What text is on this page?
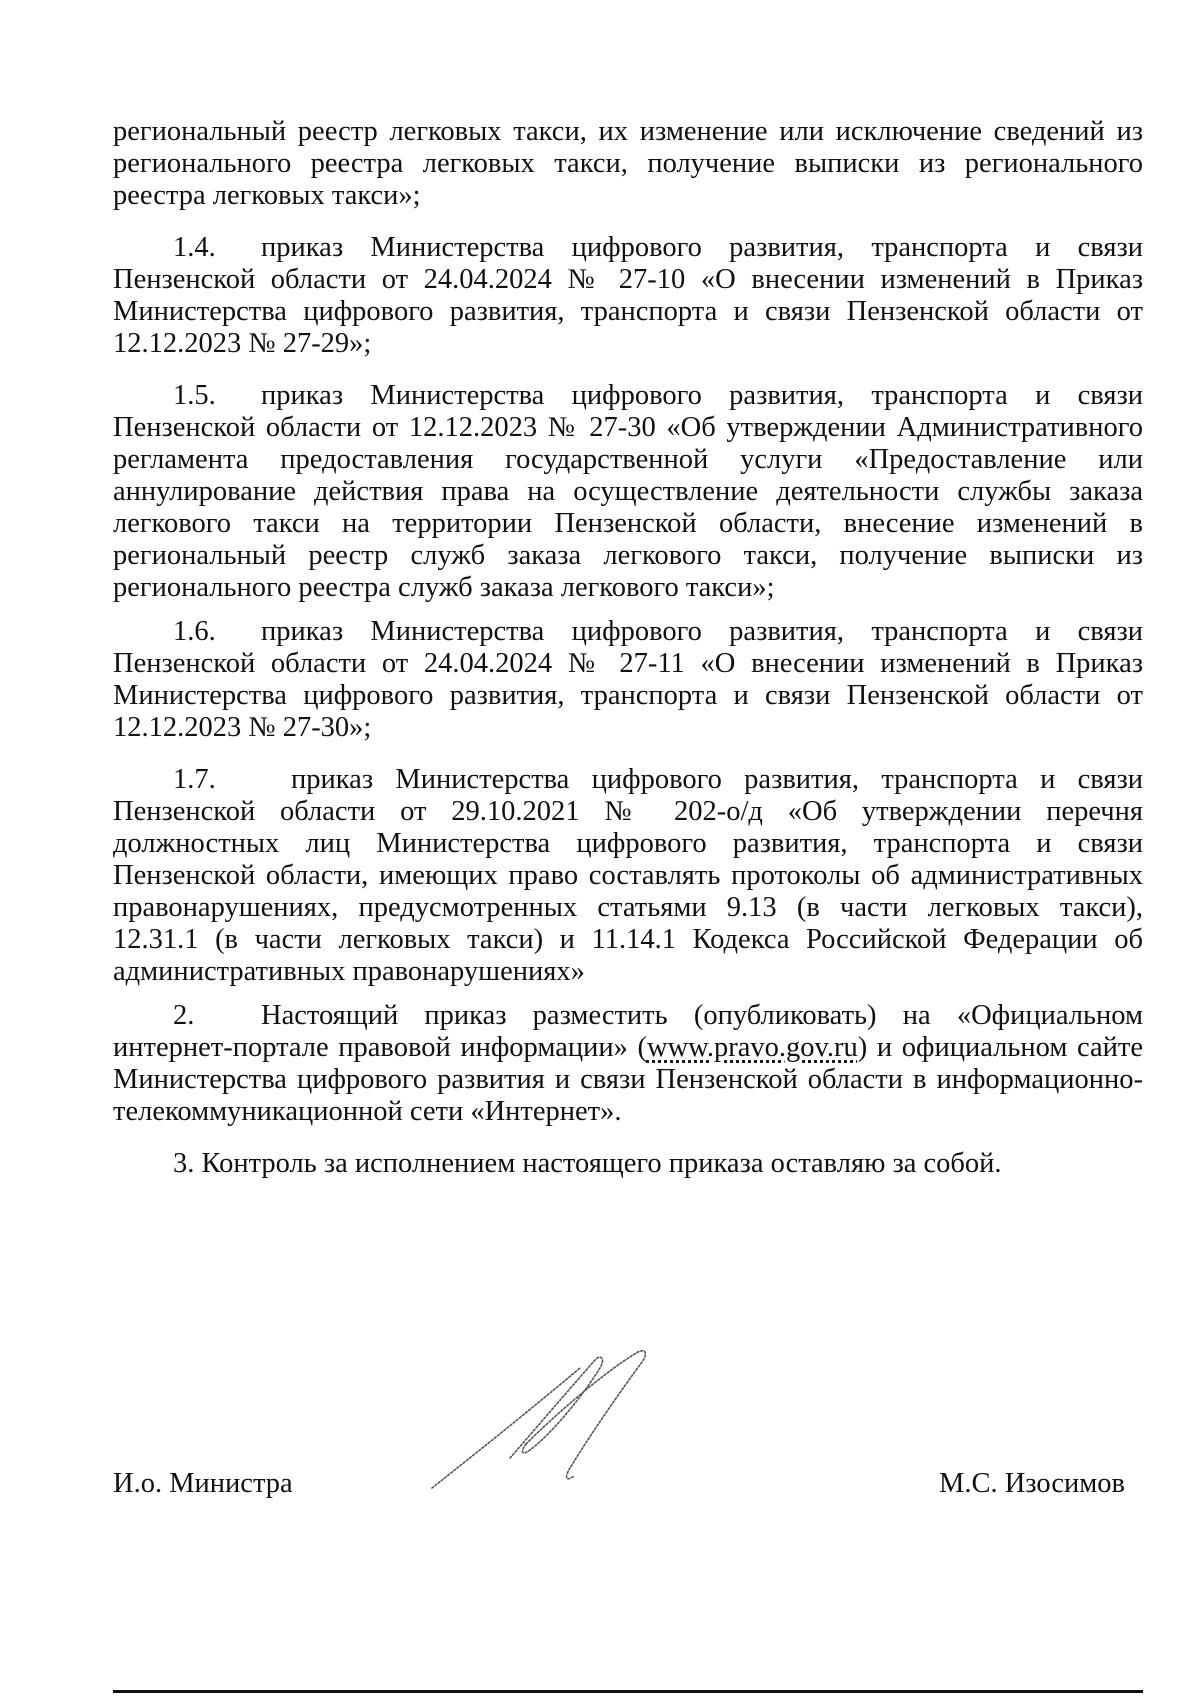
региональный реестр легковых такси, их изменение или исключение сведений из регионального реестра легковых такси, получение выписки из регионального реестра легковых такси»;

1.4. приказ Министерства цифрового развития, транспорта и связи Пензенской области от 24.04.2024 № 27-10 «О внесении изменений в Приказ Министерства цифрового развития, транспорта и связи Пензенской области от 12.12.2023 № 27-29»;

1.5. приказ Министерства цифрового развития, транспорта и связи Пензенской области от 12.12.2023 № 27-30 «Об утверждении Административного регламента предоставления государственной услуги «Предоставление или аннулирование действия права на осуществление деятельности службы заказа легкового такси на территории Пензенской области, внесение изменений в региональный реестр служб заказа легкового такси, получение выписки из регионального реестра служб заказа легкового такси»;

1.6. приказ Министерства цифрового развития, транспорта и связи Пензенской области от 24.04.2024 № 27-11 «О внесении изменений в Приказ Министерства цифрового развития, транспорта и связи Пензенской области от 12.12.2023 № 27-30»;

1.7.	приказ Министерства цифрового развития, транспорта и связи Пензенской области от 29.10.2021 № 202-о/д «Об утверждении перечня должностных лиц Министерства цифрового развития, транспорта и связи Пензенской области, имеющих право составлять протоколы об административных правонарушениях, предусмотренных статьями 9.13 (в части легковых такси), 12.31.1 (в части легковых такси) и 11.14.1 Кодекса Российской Федерации об административных правонарушениях»

2. Настоящий приказ разместить (опубликовать) на «Официальном интернет-портале правовой информации» (www.pravo.gov.ru) и официальном сайте Министерства цифрового развития и связи Пензенской области в информационно-телекоммуникационной сети «Интернет».

3. Контроль за исполнением настоящего приказа оставляю за собой.

И.о. Министра	М.С. Изосимов
